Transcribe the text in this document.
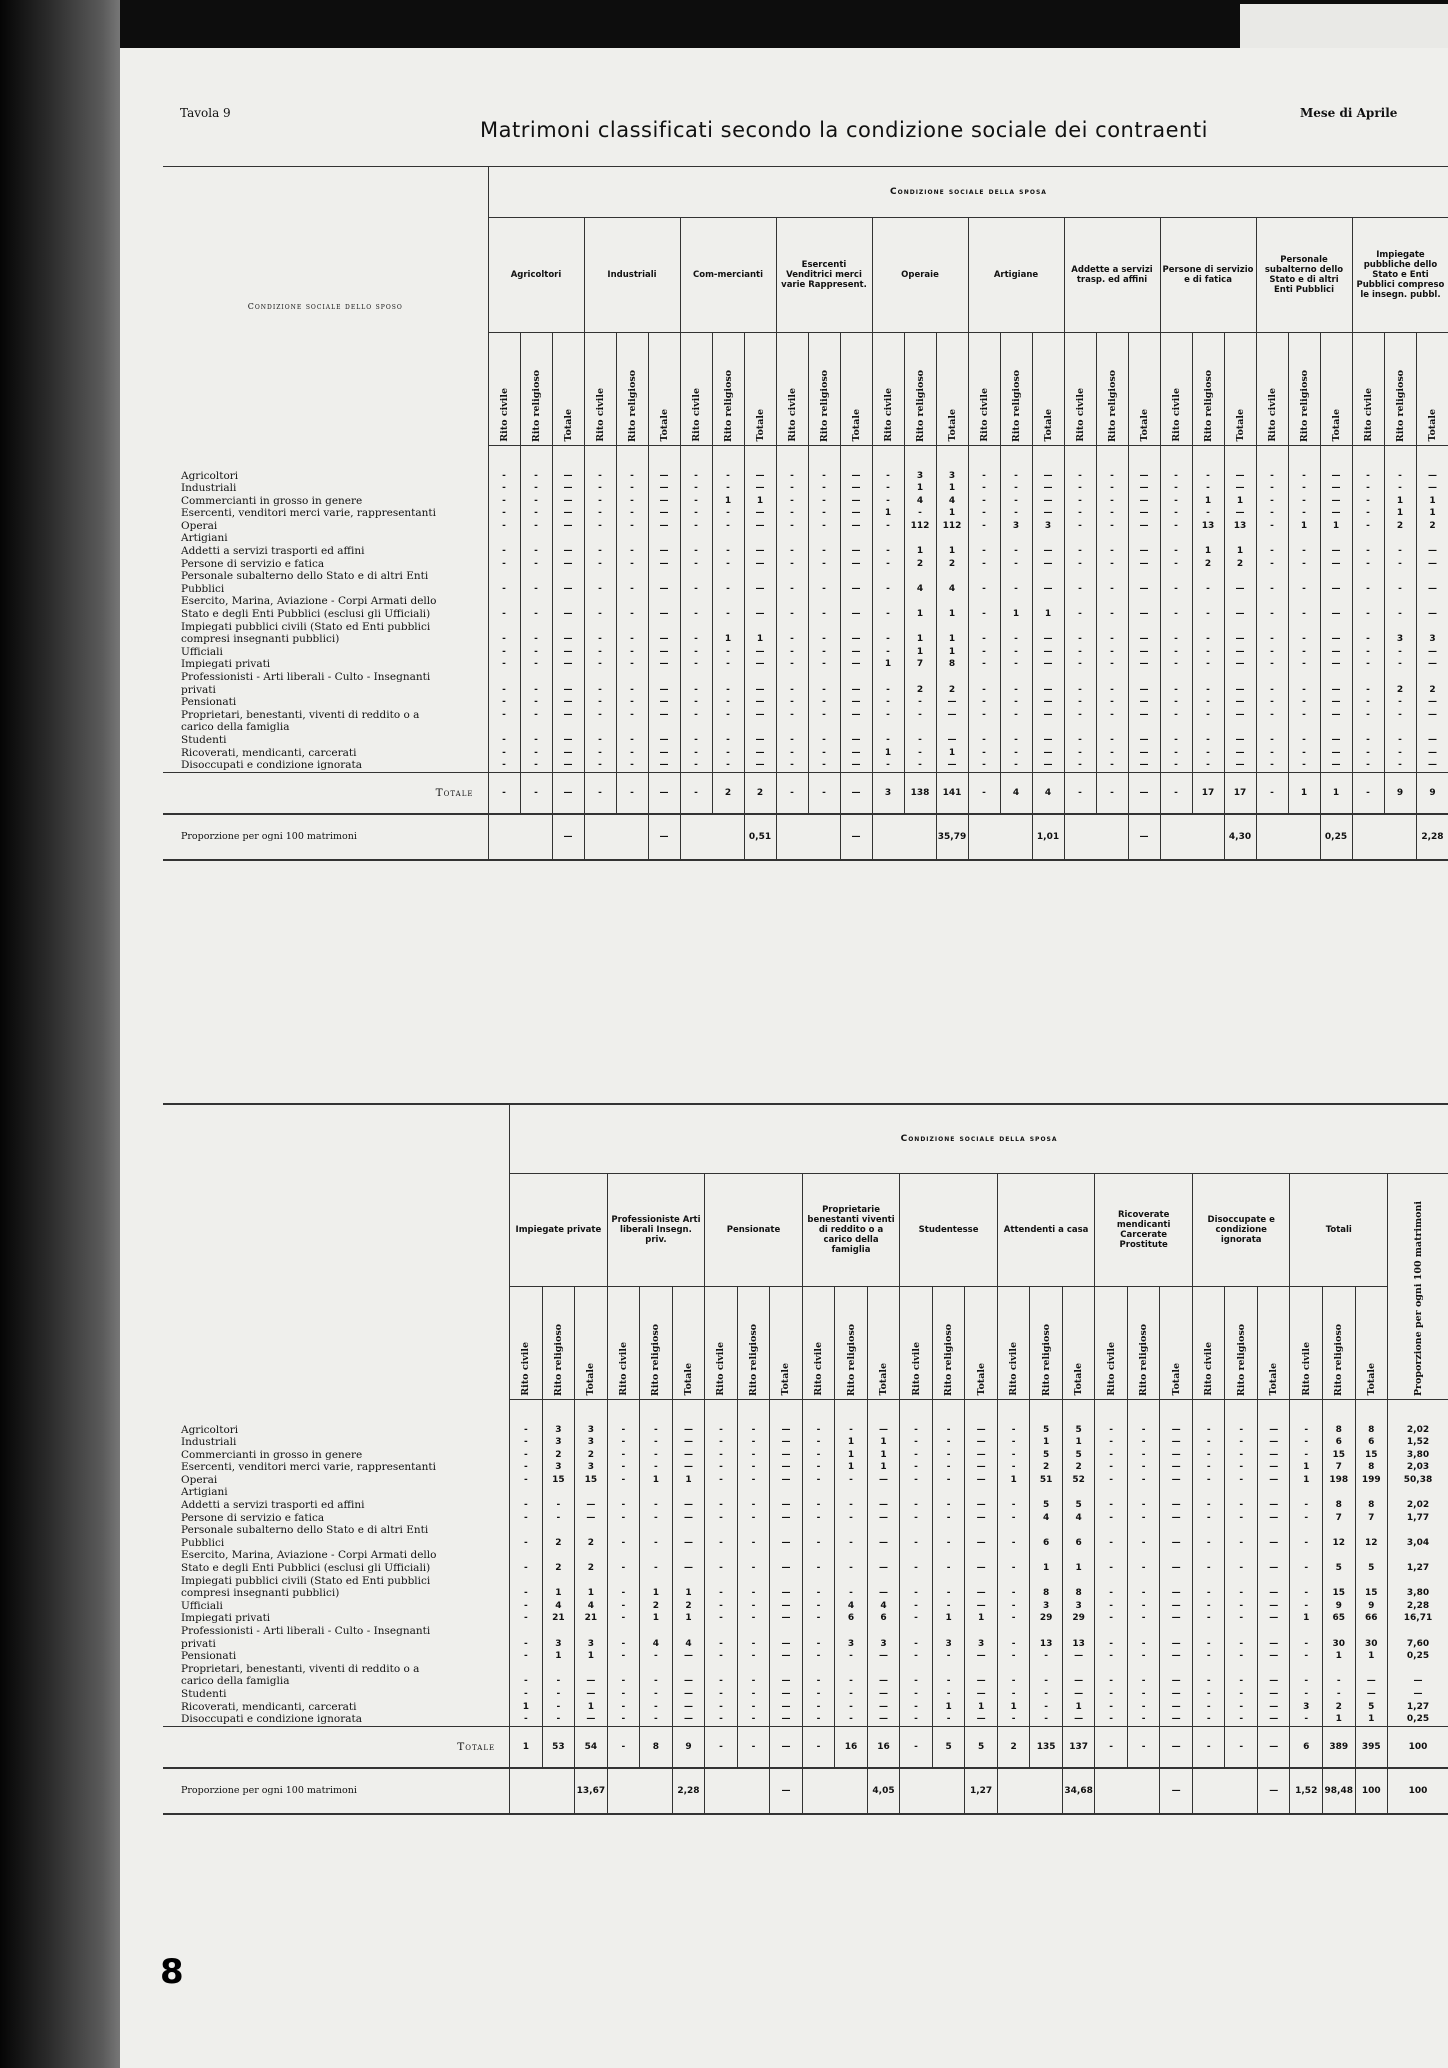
Tavola 9
Matrimoni classificati secondo la condizione sociale dei contraenti
Mese di Aprile
Condizione sociale dello sposo	Condizione sociale della sposa																													
	Agricoltori			Industriali			Com-mercianti			Esercenti Venditrici merci varie Rappresent.			Operaie			Artigiane			Addette a servizi trasp. ed affini			Persone di servizio e di fatica			Personale subalterno dello Stato e di altri Enti Pubblici			Impiegate pubbliche dello Stato e Enti Pubblici compreso le insegn. pubbl.		
	Rito civile	Rito religioso	Totale	Rito civile	Rito religioso	Totale	Rito civile	Rito religioso	Totale	Rito civile	Rito religioso	Totale	Rito civile	Rito religioso	Totale	Rito civile	Rito religioso	Totale	Rito civile	Rito religioso	Totale	Rito civile	Rito religioso	Totale	Rito civile	Rito religioso	Totale	Rito civile	Rito religioso	Totale

Agricoltori	-	-	—	-	-	—	-	-	—	-	-	—	-	3	3	-	-	—	-	-	—	-	-	—	-	-	—	-	-	—
Industriali	-	-	—	-	-	—	-	-	—	-	-	—	-	1	1	-	-	—	-	-	—	-	-	—	-	-	—	-	-	—
Commercianti in grosso in genere	-	-	—	-	-	—	-	1	1	-	-	—	-	4	4	-	-	—	-	-	—	-	1	1	-	-	—	-	1	1
Esercenti, venditori merci varie, rappresentanti	-	-	—	-	-	—	-	-	—	-	-	—	1	-	1	-	-	—	-	-	—	-	-	—	-	-	—	-	1	1
Operai	-	-	—	-	-	—	-	-	—	-	-	—	-	112	112	-	3	3	-	-	—	-	13	13	-	1	1	-	2	2
Artigiani																														
Addetti a servizi trasporti ed affini	-	-	—	-	-	—	-	-	—	-	-	—	-	1	1	-	-	—	-	-	—	-	1	1	-	-	—	-	-	—
Persone di servizio e fatica	-	-	—	-	-	—	-	-	—	-	-	—	-	2	2	-	-	—	-	-	—	-	2	2	-	-	—	-	-	—
Personale subalterno dello Stato e di altri Enti																														
Pubblici	-	-	—	-	-	—	-	-	—	-	-	—	-	4	4	-	-	—	-	-	—	-	-	—	-	-	—	-	-	—
Esercito, Marina, Aviazione - Corpi Armati dello																														
Stato e degli Enti Pubblici (esclusi gli Ufficiali)	-	-	—	-	-	—	-	-	—	-	-	—	-	1	1	-	1	1	-	-	—	-	-	—	-	-	—	-	-	—
Impiegati pubblici civili (Stato ed Enti pubblici																														
compresi insegnanti pubblici)	-	-	—	-	-	—	-	1	1	-	-	—	-	1	1	-	-	—	-	-	—	-	-	—	-	-	—	-	3	3
Ufficiali	-	-	—	-	-	—	-	-	—	-	-	—	-	1	1	-	-	—	-	-	—	-	-	—	-	-	—	-	-	—
Impiegati privati	-	-	—	-	-	—	-	-	—	-	-	—	1	7	8	-	-	—	-	-	—	-	-	—	-	-	—	-	-	—
Professionisti - Arti liberali - Culto - Insegnanti																														
privati	-	-	—	-	-	—	-	-	—	-	-	—	-	2	2	-	-	—	-	-	—	-	-	—	-	-	—	-	2	2
Pensionati	-	-	—	-	-	—	-	-	—	-	-	—	-	-	—	-	-	—	-	-	—	-	-	—	-	-	—	-	-	—
Proprietari, benestanti, viventi di reddito o a	-	-	—	-	-	—	-	-	—	-	-	—	-	-	—	-	-	—	-	-	—	-	-	—	-	-	—	-	-	—
carico della famiglia																														
Studenti	-	-	—	-	-	—	-	-	—	-	-	—	-	-	—	-	-	—	-	-	—	-	-	—	-	-	—	-	-	—
Ricoverati, mendicanti, carcerati	-	-	—	-	-	—	-	-	—	-	-	—	1	-	1	-	-	—	-	-	—	-	-	—	-	-	—	-	-	—
Disoccupati e condizione ignorata	-	-	—	-	-	—	-	-	—	-	-	—	-	-	—	-	-	—	-	-	—	-	-	—	-	-	—	-	-	—
Totale	-	-	—	-	-	—	-	2	2	-	-	—	3	138	141	-	4	4	-	-	—	-	17	17	-	1	1	-	9	9
Proporzione per ogni 100 matrimoni			—			—			0,51			—			35,79			1,01			—			4,30			0,25			2,28
	Condizione sociale della sposa																											
	Impiegate private			Professioniste Arti liberali Insegn. priv.			Pensionate			Proprietarie benestanti viventi di reddito o a carico della famiglia			Studentesse			Attendenti a casa			Ricoverate mendicanti Carcerate Prostitute			Disoccupate e condizione ignorata			Totali			Proporzione per ogni 100 matrimoni
	Rito civile	Rito religioso	Totale	Rito civile	Rito religioso	Totale	Rito civile	Rito religioso	Totale	Rito civile	Rito religioso	Totale	Rito civile	Rito religioso	Totale	Rito civile	Rito religioso	Totale	Rito civile	Rito religioso	Totale	Rito civile	Rito religioso	Totale	Rito civile	Rito religioso	Totale	

Agricoltori	-	3	3	-	-	—	-	-	—	-	-	—	-	-	—	-	5	5	-	-	—	-	-	—	-	8	8	2,02
Industriali	-	3	3	-	-	—	-	-	—	-	1	1	-	-	—	-	1	1	-	-	—	-	-	—	-	6	6	1,52
Commercianti in grosso in genere	-	2	2	-	-	—	-	-	—	-	1	1	-	-	—	-	5	5	-	-	—	-	-	—	-	15	15	3,80
Esercenti, venditori merci varie, rappresentanti	-	3	3	-	-	—	-	-	—	-	1	1	-	-	—	-	2	2	-	-	—	-	-	—	1	7	8	2,03
Operai	-	15	15	-	1	1	-	-	—	-	-	—	-	-	—	1	51	52	-	-	—	-	-	—	1	198	199	50,38
Artigiani																												
Addetti a servizi trasporti ed affini	-	-	—	-	-	—	-	-	—	-	-	—	-	-	—	-	5	5	-	-	—	-	-	—	-	8	8	2,02
Persone di servizio e fatica	-	-	—	-	-	—	-	-	—	-	-	—	-	-	—	-	4	4	-	-	—	-	-	—	-	7	7	1,77
Personale subalterno dello Stato e di altri Enti																												
Pubblici	-	2	2	-	-	—	-	-	—	-	-	—	-	-	—	-	6	6	-	-	—	-	-	—	-	12	12	3,04
Esercito, Marina, Aviazione - Corpi Armati dello																												
Stato e degli Enti Pubblici (esclusi gli Ufficiali)	-	2	2	-	-	—	-	-	—	-	-	—	-	-	—	-	1	1	-	-	—	-	-	—	-	5	5	1,27
Impiegati pubblici civili (Stato ed Enti pubblici																												
compresi insegnanti pubblici)	-	1	1	-	1	1	-	-	—	-	-	—	-	-	—	-	8	8	-	-	—	-	-	—	-	15	15	3,80
Ufficiali	-	4	4	-	2	2	-	-	—	-	4	4	-	-	—	-	3	3	-	-	—	-	-	—	-	9	9	2,28
Impiegati privati	-	21	21	-	1	1	-	-	—	-	6	6	-	1	1	-	29	29	-	-	—	-	-	—	1	65	66	16,71
Professionisti - Arti liberali - Culto - Insegnanti																												
privati	-	3	3	-	4	4	-	-	—	-	3	3	-	3	3	-	13	13	-	-	—	-	-	—	-	30	30	7,60
Pensionati	-	1	1	-	-	—	-	-	—	-	-	—	-	-	—	-	-	—	-	-	—	-	-	—	-	1	1	0,25
Proprietari, benestanti, viventi di reddito o a																												
carico della famiglia	-	-	—	-	-	—	-	-	—	-	-	—	-	-	—	-	-	—	-	-	—	-	-	—	-	-	—	—
Studenti	-	-	—	-	-	—	-	-	—	-	-	—	-	-	—	-	-	—	-	-	—	-	-	—	-	-	—	—
Ricoverati, mendicanti, carcerati	1	-	1	-	-	—	-	-	—	-	-	—	-	1	1	1	-	1	-	-	—	-	-	—	3	2	5	1,27
Disoccupati e condizione ignorata	-	-	—	-	-	—	-	-	—	-	-	—	-	-	—	-	-	—	-	-	—	-	-	—	-	1	1	0,25
Totale	1	53	54	-	8	9	-	-	—	-	16	16	-	5	5	2	135	137	-	-	—	-	-	—	6	389	395	100
Proporzione per ogni 100 matrimoni			13,67			2,28			—			4,05			1,27			34,68			—			—	1,52	98,48	100	100
8
